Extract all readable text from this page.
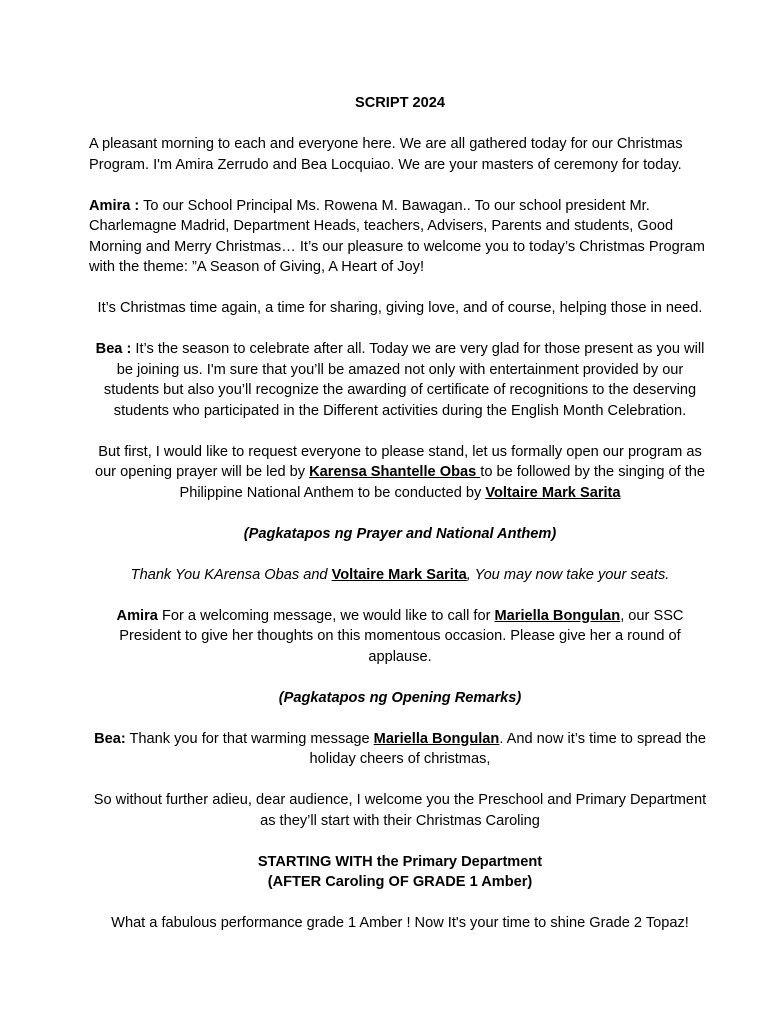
SCRIPT 2024

A pleasant morning to each and everyone here. We are all gathered today for our Christmas Program. I'm Amira Zerrudo and Bea Locquiao. We are your masters of ceremony for today.

Amira : To our School Principal Ms. Rowena M. Bawagan.. To our school president Mr. Charlemagne Madrid, Department Heads, teachers, Advisers, Parents and students, Good Morning and Merry Christmas… It’s our pleasure to welcome you to today’s Christmas Program with the theme: ”A Season of Giving, A Heart of Joy!

It’s Christmas time again, a time for sharing, giving love, and of course, helping those in need.

Bea : It’s the season to celebrate after all. Today we are very glad for those present as you will be joining us. I'm sure that you’ll be amazed not only with entertainment provided by our students but also you’ll recognize the awarding of certificate of recognitions to the deserving students who participated in the Different activities during the English Month Celebration.

But first, I would like to request everyone to please stand, let us formally open our program as our opening prayer will be led by Karensa Shantelle Obas to be followed by the singing of the Philippine National Anthem to be conducted by Voltaire Mark Sarita

(Pagkatapos ng Prayer and National Anthem)

Thank You KArensa Obas and Voltaire Mark Sarita, You may now take your seats.

Amira For a welcoming message, we would like to call for Mariella Bongulan, our SSC President to give her thoughts on this momentous occasion. Please give her a round of applause.

(Pagkatapos ng Opening Remarks)

Bea: Thank you for that warming message Mariella Bongulan. And now it’s time to spread the holiday cheers of christmas,

So without further adieu, dear audience, I welcome you the Preschool and Primary Department as they’ll start with their Christmas Caroling

STARTING WITH the Primary Department

(AFTER Caroling OF GRADE 1 Amber)

What a fabulous performance grade 1 Amber ! Now It's your time to shine Grade 2 Topaz!
